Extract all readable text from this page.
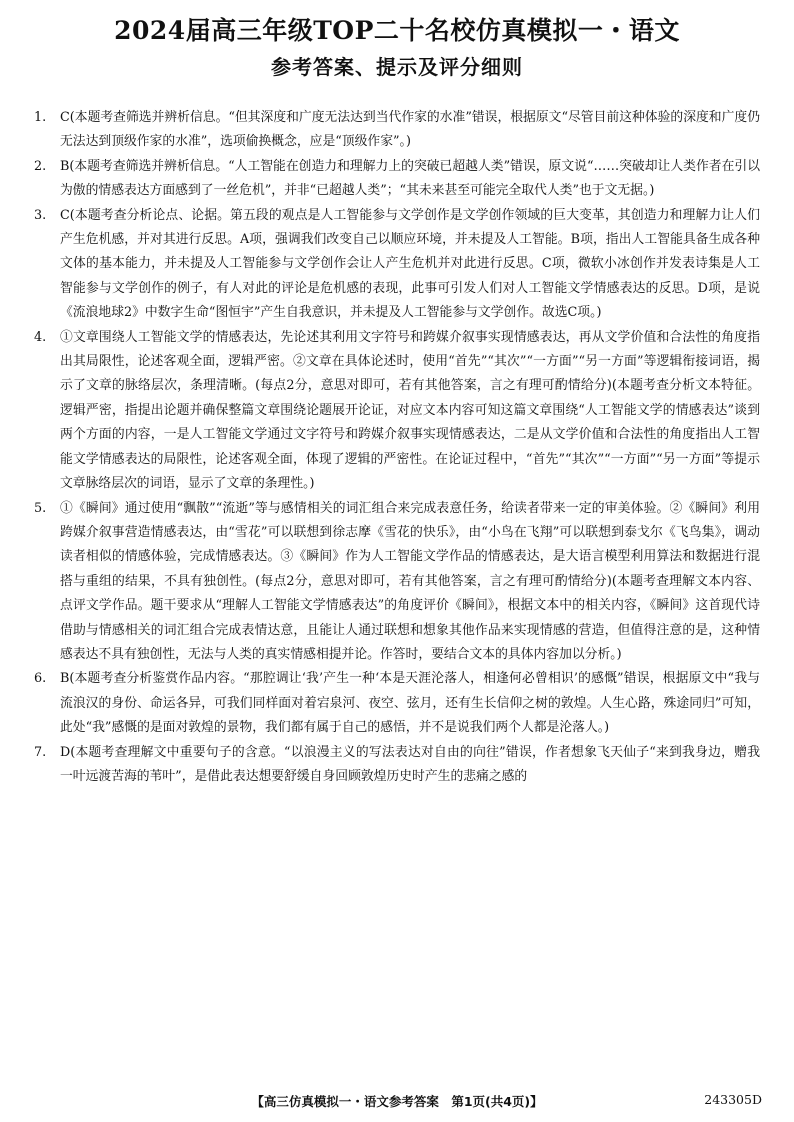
2024届高三年级TOP二十名校仿真模拟一・语文
参考答案、提示及评分细则
1. C(本题考查筛选并辨析信息。“但其深度和广度无法达到当代作家的水准”错误，根据原文“尽管目前这种体验的深度和广度仍无法达到顶级作家的水准”，选项偷换概念，应是“顶级作家”。)
2. B(本题考查筛选并辨析信息。“人工智能在创造力和理解力上的突破已超越人类”错误，原文说“……突破却让人类作者在引以为傲的情感表达方面感到了一丝危机”，并非“已超越人类”；“其未来甚至可能完全取代人类”也于文无据。)
3. C(本题考查分析论点、论据。第五段的观点是人工智能参与文学创作是文学创作领域的巨大变革，其创造力和理解力让人们产生危机感，并对其进行反思。A项，强调我们改变自己以顺应环境，并未提及人工智能。B项，指出人工智能具备生成各种文体的基本能力，并未提及人工智能参与文学创作会让人产生危机并对此进行反思。C项，微软小冰创作并发表诗集是人工智能参与文学创作的例子，有人对此的评论是危机感的表现，此事可引发人们对人工智能文学情感表达的反思。D项，是说《流浪地球2》中数字生命“图恒宇”产生自我意识，并未提及人工智能参与文学创作。故选C项。)
4. ①文章围绕人工智能文学的情感表达，先论述其利用文字符号和跨媒介叙事实现情感表达，再从文学价值和合法性的角度指出其局限性，论述客观全面，逻辑严密。②文章在具体论述时，使用“首先”“其次”“一方面”“另一方面”等逻辑衔接词语，揭示了文章的脉络层次，条理清晰。(每点2分，意思对即可，若有其他答案，言之有理可酌情给分)(本题考查分析文本特征。逻辑严密，指提出论题并确保整篇文章围绕论题展开论证，对应文本内容可知这篇文章围绕“人工智能文学的情感表达”谈到两个方面的内容，一是人工智能文学通过文字符号和跨媒介叙事实现情感表达，二是从文学价值和合法性的角度指出人工智能文学情感表达的局限性，论述客观全面，体现了逻辑的严密性。在论证过程中，“首先”“其次”“一方面”“另一方面”等提示文章脉络层次的词语，显示了文章的条理性。)
5. ①《瞬间》通过使用“飘散”“流逝”等与感情相关的词汇组合来完成表意任务，给读者带来一定的审美体验。②《瞬间》利用跨媒介叙事营造情感表达，由“雪花”可以联想到徐志摩《雪花的快乐》，由“小鸟在飞翔”可以联想到泰戈尔《飞鸟集》，调动读者相似的情感体验，完成情感表达。③《瞬间》作为人工智能文学作品的情感表达，是大语言模型利用算法和数据进行混搭与重组的结果，不具有独创性。(每点2分，意思对即可，若有其他答案，言之有理可酌情给分)(本题考查理解文本内容、点评文学作品。题干要求从“理解人工智能文学情感表达”的角度评价《瞬间》，根据文本中的相关内容，《瞬间》这首现代诗借助与情感相关的词汇组合完成表情达意，且能让人通过联想和想象其他作品来实现情感的营造，但值得注意的是，这种情感表达不具有独创性，无法与人类的真实情感相提并论。作答时，要结合文本的具体内容加以分析。)
6. B(本题考查分析鉴赏作品内容。“那腔调让‘我’产生一种‘本是天涯沦落人，相逢何必曾相识’的感慨”错误，根据原文中“我与流浪汉的身份、命运各异，可我们同样面对着宕泉河、夜空、弦月，还有生长信仰之树的敦煌。人生心路，殊途同归”可知，此处“我”感慨的是面对敦煌的景物，我们都有属于自己的感悟，并不是说我们两个人都是沦落人。)
7. D(本题考查理解文中重要句子的含意。“以浪漫主义的写法表达对自由的向往”错误，作者想象飞天仙子“来到我身边，赠我一叶远渡苦海的苇叶”，是借此表达想要舒缓自身回顾敦煌历史时产生的悲痛之感的
【高三仿真模拟一・语文参考答案　第1页(共4页)】	243305D
